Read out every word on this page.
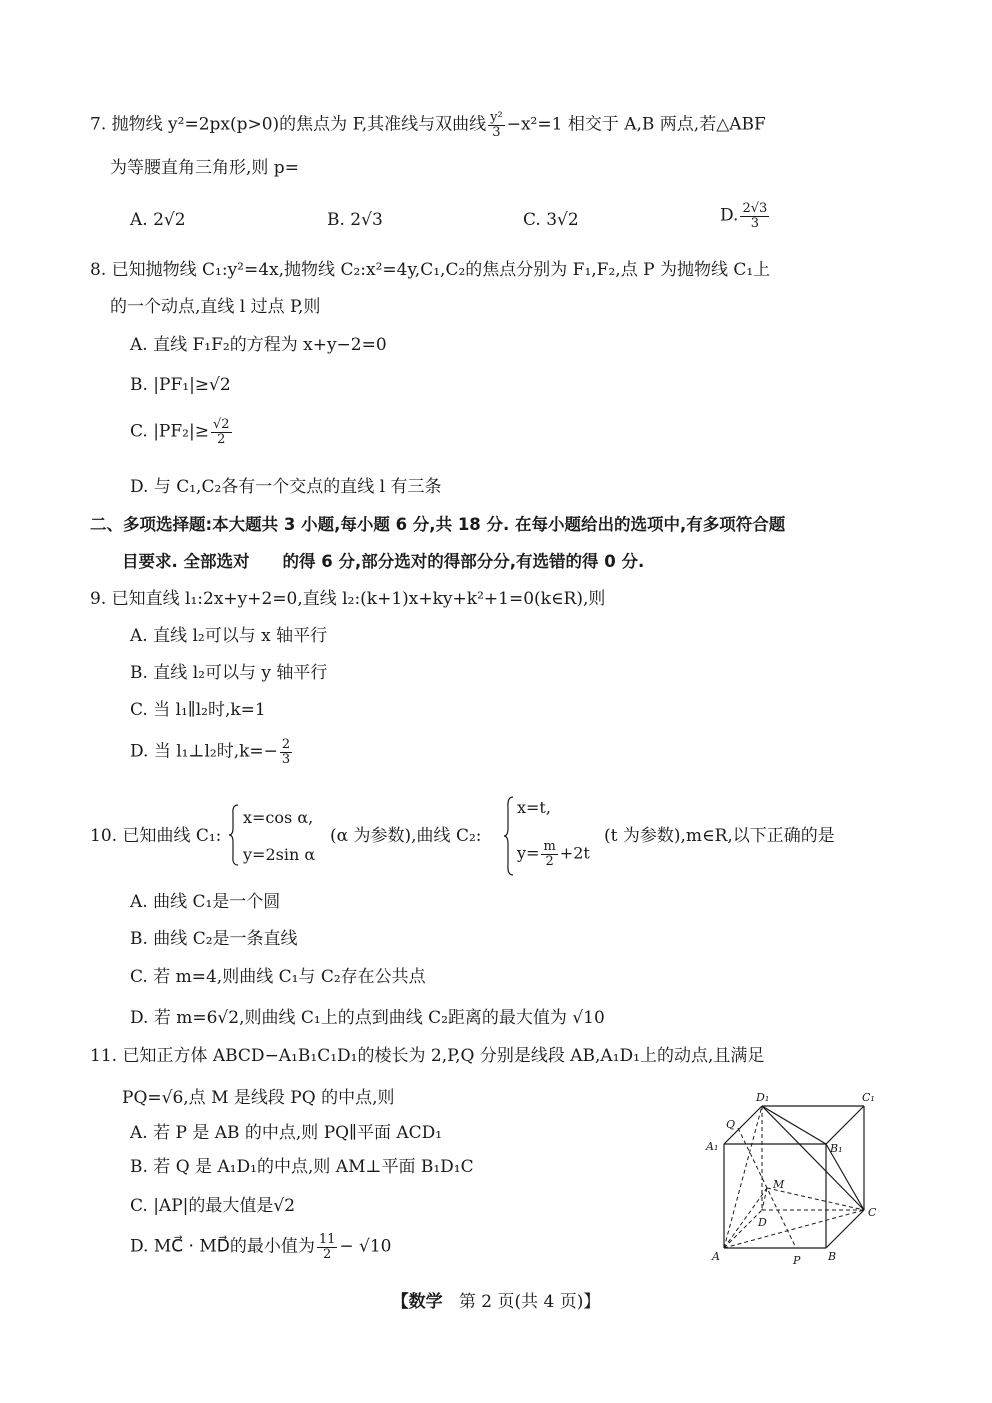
7. 抛物线 y²=2px(p>0)的焦点为 F,其准线与双曲线 $\frac{\text{y²}}{3} -x^2=1$ 相交于 A,B 两点,若△ABF
为等腰直角三角形,则 p=
A. 2√2	B. 2√3	C. 3√2	D. $\frac{2√3}{3}$
8. 已知抛物线 C₁:y²=4x,抛物线 C₂:x²=4y,C₁,C₂的焦点分别为 F₁,F₂,点 P 为抛物线 C₁上
的一个动点,直线 l 过点 P,则
A. 直线 F₁F₂的方程为 x+y−2=0
B. |PF₁|≥√2
C. $|PF_2|\ge \frac{√2}{2}$
D. 与 C₁,C₂各有一个交点的直线 l 有三条
二、多项选择题:本大题共 3 小题,每小题 6 分,共 18 分. 在每小题给出的选项中,有多项符合题
目要求. 全部选对　　的得 6 分,部分选对的得部分分,有选错的得 0 分.
9. 已知直线 l₁:2x+y+2=0,直线 l₂:(k+1)x+ky+k²+1=0(k∈R),则
A. 直线 l₂可以与 x 轴平行
B. 直线 l₂可以与 y 轴平行
C. 当 l₁∥l₂时,k=1
D. 当 l₁⊥l₂时$,k=- \frac{2}{3}$
10. 已知曲线 C₁:
x=cos α,
y=2sin α
(α 为参数),曲线 C₂:
x=t,
$y= \frac{m}{2} +2t$
(t 为参数),m∈R,以下正确的是
A. 曲线 C₁是一个圆
B. 曲线 C₂是一条直线
C. 若 m=4,则曲线 C₁与 C₂存在公共点
D. 若 m=6√2,则曲线 C₁上的点到曲线 C₂距离的最大值为 √10
11. 已知正方体 ABCD−A₁B₁C₁D₁的棱长为 2,P,Q 分别是线段 AB,A₁D₁上的动点,且满足
PQ=√6,点 M 是线段 PQ 的中点,则
A. 若 P 是 AB 的中点,则 PQ∥平面 ACD₁
B. 若 Q 是 A₁D₁的中点,则 AM⊥平面 B₁D₁C
C. |AP|的最大值是√2
D. MC⃗ · MD⃗的最小值为 $\frac{11}{2} - √10$
D₁	C₁
Q
A₁	B₁
M
D
C
A	P	B
【数学 第 2 页(共 4 页)】
